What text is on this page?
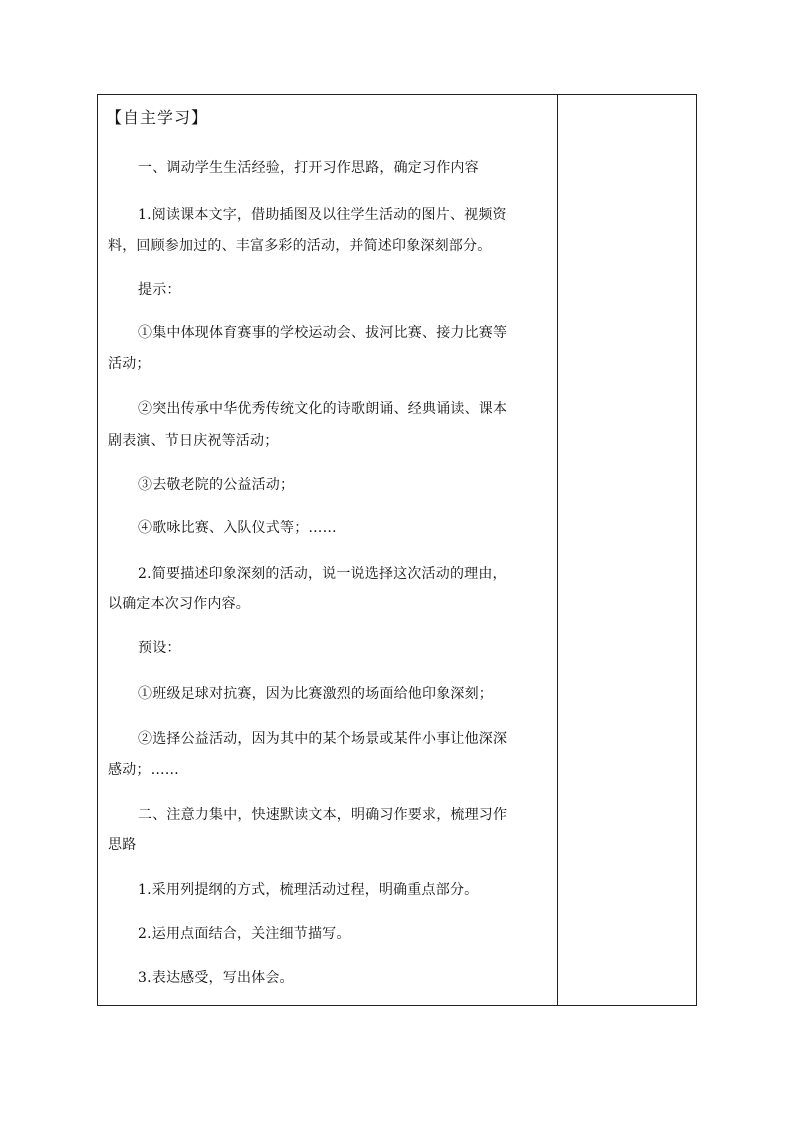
【自主学习】
一、调动学生生活经验，打开习作思路，确定习作内容
1.阅读课本文字，借助插图及以往学生活动的图片、视频资
料，回顾参加过的、丰富多彩的活动，并简述印象深刻部分。
提示：
①集中体现体育赛事的学校运动会、拔河比赛、接力比赛等
活动；
②突出传承中华优秀传统文化的诗歌朗诵、经典诵读、课本
剧表演、节日庆祝等活动；
③去敬老院的公益活动；
④歌咏比赛、入队仪式等；……
2.简要描述印象深刻的活动，说一说选择这次活动的理由，
以确定本次习作内容。
预设：
①班级足球对抗赛，因为比赛激烈的场面给他印象深刻；
②选择公益活动，因为其中的某个场景或某件小事让他深深
感动；……
二、注意力集中，快速默读文本，明确习作要求，梳理习作
思路
1.采用列提纲的方式，梳理活动过程，明确重点部分。
2.运用点面结合，关注细节描写。
3.表达感受，写出体会。
